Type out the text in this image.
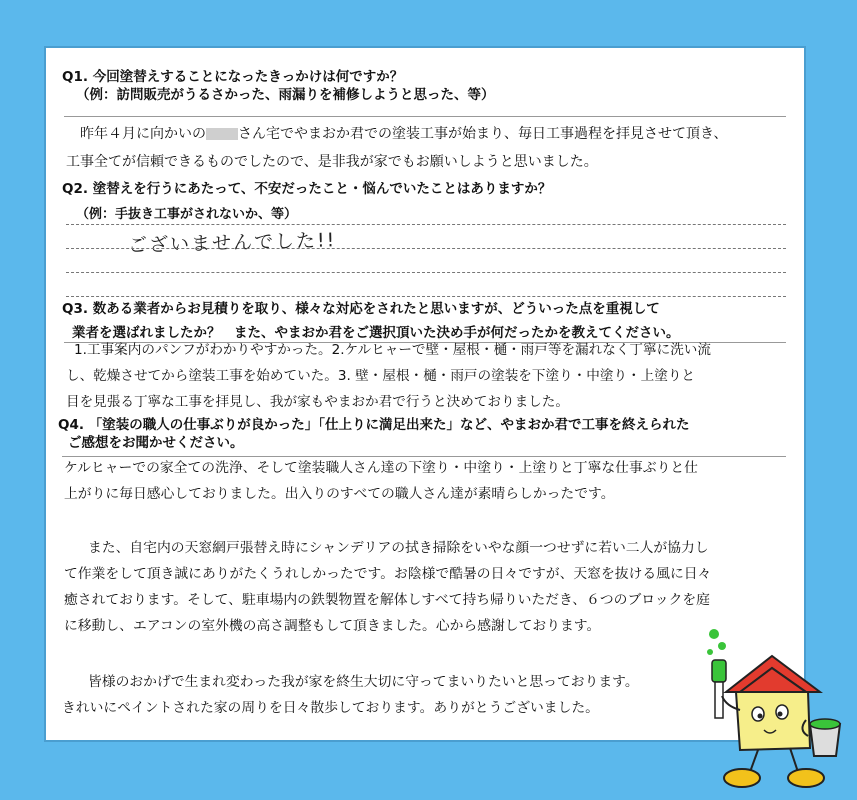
Q1. 今回塗替えすることになったきっかけは何ですか？
（例：訪問販売がうるさかった、雨漏りを補修しようと思った、等）
昨年４月に向かいの さん宅でやまおか君での塗装工事が始まり、毎日工事過程を拝見させて頂き、
工事全てが信頼できるものでしたので、是非我が家でもお願いしようと思いました。
Q2. 塗替えを行うにあたって、不安だったこと・悩んでいたことはありますか？
（例：手抜き工事がされないか、等）
ございませんでした!!
Q3. 数ある業者からお見積りを取り、様々な対応をされたと思いますが、どういった点を重視して
業者を選ばれましたか？　また、やまおか君をご選択頂いた決め手が何だったかを教えてください。
1.工事案内のパンフがわかりやすかった。2.ケルヒャーで壁・屋根・樋・雨戸等を漏れなく丁寧に洗い流
し、乾燥させてから塗装工事を始めていた。3. 壁・屋根・樋・雨戸の塗装を下塗り・中塗り・上塗りと
目を見張る丁寧な工事を拝見し、我が家もやまおか君で行うと決めておりました。
Q4. 「塗装の職人の仕事ぶりが良かった」「仕上りに満足出来た」など、やまおか君で工事を終えられた
ご感想をお聞かせください。
ケルヒャーでの家全ての洗浄、そして塗装職人さん達の下塗り・中塗り・上塗りと丁寧な仕事ぶりと仕
上がりに毎日感心しておりました。出入りのすべての職人さん達が素晴らしかったです。
また、自宅内の天窓網戸張替え時にシャンデリアの拭き掃除をいやな顔一つせずに若い二人が協力し
て作業をして頂き誠にありがたくうれしかったです。お陰様で酷暑の日々ですが、天窓を抜ける風に日々
癒されております。そして、駐車場内の鉄製物置を解体しすべて持ち帰りいただき、６つのブロックを庭
に移動し、エアコンの室外機の高さ調整もして頂きました。心から感謝しております。
皆様のおかげで生まれ変わった我が家を終生大切に守ってまいりたいと思っております。
きれいにペイントされた家の周りを日々散歩しております。ありがとうございました。
